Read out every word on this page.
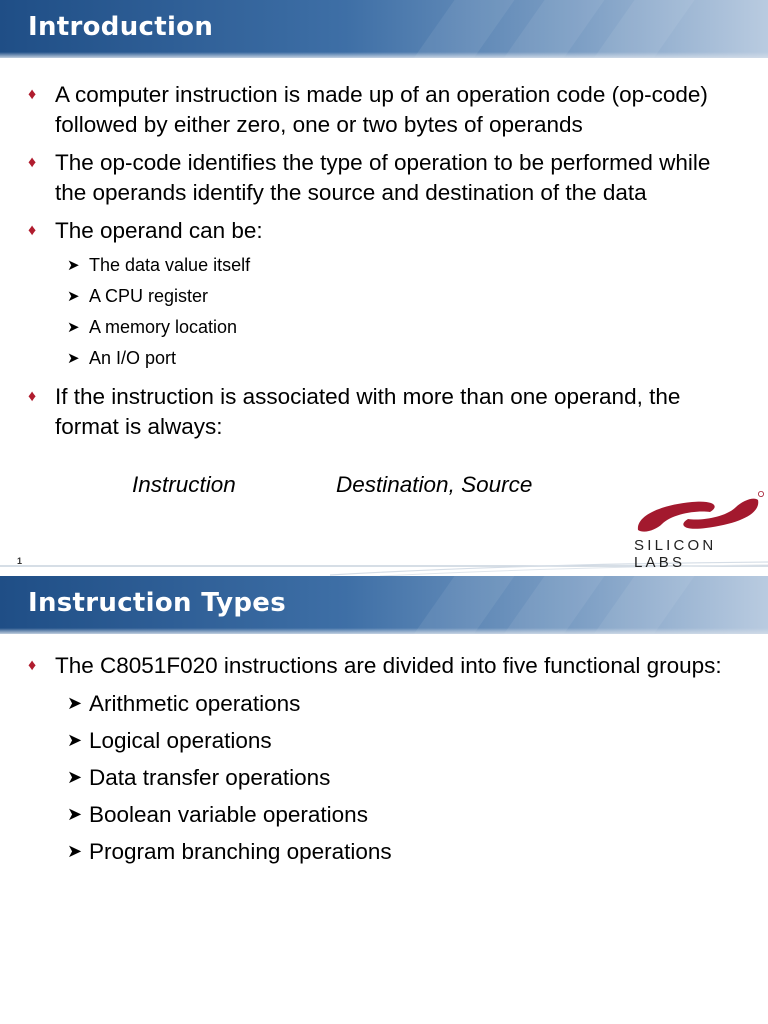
Introduction
♦ A computer instruction is made up of an operation code (op-code) followed by either zero, one or two bytes of operands
♦ The op-code identifies the type of operation to be performed while the operands identify the source and destination of the data
♦ The operand can be:
➤ The data value itself
➤ A CPU register
➤ A memory location
➤ An I/O port
♦ If the instruction is associated with more than one operand, the format is always:
Instruction	Destination, Source
1
SILICON LABS
Instruction Types
♦ The C8051F020 instructions are divided into five functional groups:
➤ Arithmetic operations
➤ Logical operations
➤ Data transfer operations
➤ Boolean variable operations
➤ Program branching operations
